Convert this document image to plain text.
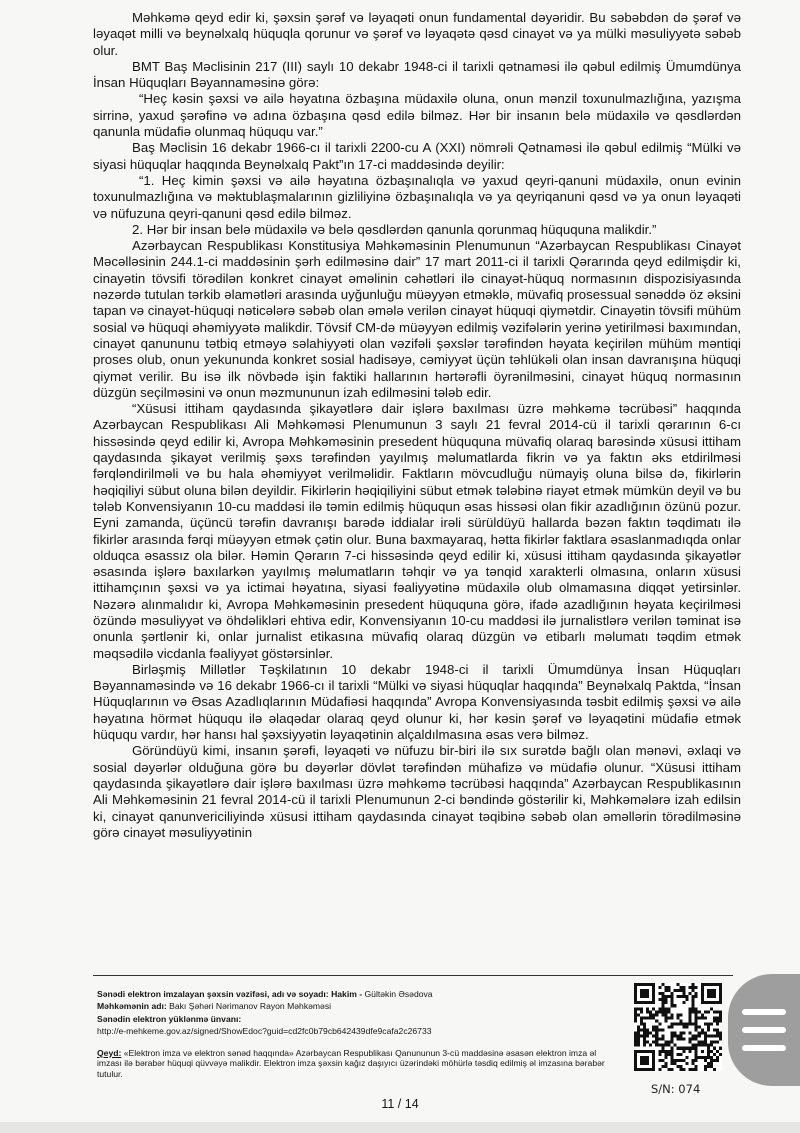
Məhkəmə qeyd edir ki, şəxsin şərəf və ləyaqəti onun fundamental dəyəridir. Bu səbəbdən də şərəf və ləyaqət milli və beynəlxalq hüquqla qorunur və şərəf və ləyaqətə qəsd cinayət və ya mülki məsuliyyətə səbəb olur.

BMT Baş Məclisinin 217 (III) saylı 10 dekabr 1948-ci il tarixli qətnaməsi ilə qəbul edilmiş Ümumdünya İnsan Hüquqları Bəyannaməsinə görə:

“Heç kəsin şəxsi və ailə həyatına özbaşına müdaxilə oluna, onun mənzil toxunulmazlığına, yazışma sirrinə, yaxud şərəfinə və adına özbaşına qəsd edilə bilməz. Hər bir insanın belə müdaxilə və qəsdlərdən qanunla müdafiə olunmaq hüququ var.”

Baş Məclisin 16 dekabr 1966-cı il tarixli 2200-cu A (XXI) nömrəli Qətnaməsi ilə qəbul edilmiş “Mülki və siyasi hüquqlar haqqında Beynəlxalq Pakt”ın 17-ci maddəsində deyilir:

“1. Heç kimin şəxsi və ailə həyatına özbaşınalıqla və yaxud qeyri-qanuni müdaxilə, onun evinin toxunulmazlığına və məktublaşmalarının gizliliyinə özbaşınalıqla və ya qeyriqanuni qəsd və ya onun ləyaqəti və nüfuzuna qeyri-qanuni qəsd edilə bilməz.

2. Hər bir insan belə müdaxilə və belə qəsdlərdən qanunla qorunmaq hüququna malikdir.”

Azərbaycan Respublikası Konstitusiya Məhkəməsinin Plenumunun “Azərbaycan Respublikası Cinayət Məcəlləsinin 244.1-ci maddəsinin şərh edilməsinə dair” 17 mart 2011-ci il tarixli Qərarında qeyd edilmişdir ki, cinayətin tövsifi törədilən konkret cinayət əməlinin cəhətləri ilə cinayət-hüquq normasının dispozisiyasında nəzərdə tutulan tərkib əlamətləri arasında uyğunluğu müəyyən etməklə, müvafiq prosessual sənəddə öz əksini tapan və cinayət-hüquqi nəticələrə səbəb olan əmələ verilən cinayət hüquqi qiymətdir. Cinayətin tövsifi mühüm sosial və hüquqi əhəmiyyətə malikdir. Tövsif CM-də müəyyən edilmiş vəzifələrin yerinə yetirilməsi baxımından, cinayət qanununu tətbiq etməyə səlahiyyəti olan vəzifəli şəxslər tərəfindən həyata keçirilən mühüm məntiqi proses olub, onun yekununda konkret sosial hadisəyə, cəmiyyət üçün təhlükəli olan insan davranışına hüquqi qiymət verilir. Bu isə ilk növbədə işin faktiki hallarının hərtərəfli öyrənilməsini, cinayət hüquq normasının düzgün seçilməsini və onun məzmununun izah edilməsini tələb edir.

“Xüsusi ittiham qaydasında şikayətlərə dair işlərə baxılması üzrə məhkəmə təcrübəsi” haqqında Azərbaycan Respublikası Ali Məhkəməsi Plenumunun 3 saylı 21 fevral 2014-cü il tarixli qərarının 6-cı hissəsində qeyd edilir ki, Avropa Məhkəməsinin presedent hüququna müvafiq olaraq barəsində xüsusi ittiham qaydasında şikayət verilmiş şəxs tərəfindən yayılmış məlumatlarda fikrin və ya faktın əks etdirilməsi fərqləndirilməli və bu hala əhəmiyyət verilməlidir. Faktların mövcudluğu nümayiş oluna bilsə də, fikirlərin həqiqiliyi sübut oluna bilən deyildir. Fikirlərin həqiqiliyini sübut etmək tələbinə riayət etmək mümkün deyil və bu tələb Konvensiyanın 10-cu maddəsi ilə təmin edilmiş hüququn əsas hissəsi olan fikir azadlığının özünü pozur. Eyni zamanda, üçüncü tərəfin davranışı barədə iddialar irəli sürüldüyü hallarda bəzən faktın təqdimatı ilə fikirlər arasında fərqi müəyyən etmək çətin olur. Buna baxmayaraq, hətta fikirlər faktlara əsaslanmadıqda onlar olduqca əsassız ola bilər. Həmin Qərarın 7-ci hissəsində qeyd edilir ki, xüsusi ittiham qaydasında şikayətlər əsasında işlərə baxılarkən yayılmış məlumatların təhqir və ya tənqid xarakterli olmasına, onların xüsusi ittihamçının şəxsi və ya ictimai həyatına, siyasi fəaliyyətinə müdaxilə olub olmamasına diqqət yetirsinlər. Nəzərə alınmalıdır ki, Avropa Məhkəməsinin presedent hüququna görə, ifadə azadlığının həyata keçirilməsi özündə məsuliyyət və öhdəlikləri ehtiva edir, Konvensiyanın 10-cu maddəsi ilə jurnalistlərə verilən təminat isə onunla şərtlənir ki, onlar jurnalist etikasına müvafiq olaraq düzgün və etibarlı məlumatı təqdim etmək məqsədilə vicdanla fəaliyyət göstərsinlər.

Birləşmiş Millətlər Təşkilatının 10 dekabr 1948-ci il tarixli Ümumdünya İnsan Hüquqları Bəyannaməsində və 16 dekabr 1966-cı il tarixli “Mülki və siyasi hüquqlar haqqında” Beynəlxalq Paktda, “İnsan Hüquqlarının və Əsas Azadlıqlarının Müdafiəsi haqqında” Avropa Konvensiyasında təsbit edilmiş şəxsi və ailə həyatına hörmət hüququ ilə əlaqədar olaraq qeyd olunur ki, hər kəsin şərəf və ləyaqətini müdafiə etmək hüququ vardır, hər hansı hal şəxsiyyətin ləyaqətinin alçaldılmasına əsas verə bilməz.

Göründüyü kimi, insanın şərəfi, ləyaqəti və nüfuzu bir-biri ilə sıx surətdə bağlı olan mənəvi, əxlaqi və sosial dəyərlər olduğuna görə bu dəyərlər dövlət tərəfindən mühafizə və müdafiə olunur. “Xüsusi ittiham qaydasında şikayətlərə dair işlərə baxılması üzrə məhkəmə təcrübəsi haqqında” Azərbaycan Respublikasının Ali Məhkəməsinin 21 fevral 2014-cü il tarixli Plenumunun 2-ci bəndində göstərilir ki, Məhkəmələrə izah edilsin ki, cinayət qanunvericiliyində xüsusi ittiham qaydasında cinayət təqibinə səbəb olan əməllərin törədilməsinə görə cinayət məsuliyyətinin

Sənədi elektron imzalayan şəxsin vəzifəsi, adı və soyadı: Hakim - Gültəkin Əsədova
Məhkəmənin adı: Bakı Şəhəri Nərimanov Rayon Məhkəməsi
Sənədin elektron yüklənmə ünvanı:
http://e-mehkeme.gov.az/signed/ShowEdoc?guid=cd2fc0b79cb642439dfe9cafa2c26733
Qeyd: «Elektron imza və elektron sənəd haqqında» Azərbaycan Respublikası Qanununun 3-cü maddəsinə əsasən elektron imza əl imzası ilə bərabər hüquqi qüvvəyə malikdir. Elektron imza şəxsin kağız daşıyıcı üzərindəki möhürlə təsdiq edilmiş əl imzasına bərabər tutulur.
S/N: 074
11 / 14
